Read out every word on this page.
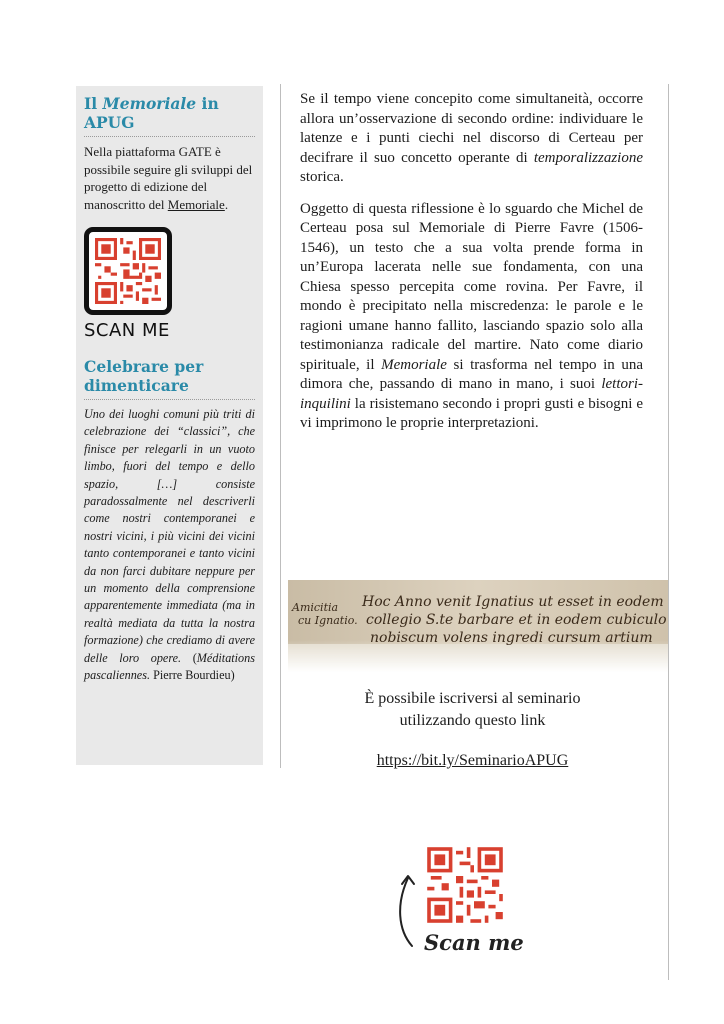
Il Memoriale in APUG

Nella piattaforma GATE è possibile seguire gli sviluppi del progetto di edizione del manoscritto del Memoriale.

SCAN ME
Celebrare per dimenticare

Uno dei luoghi comuni più triti di celebrazione dei “classici”, che finisce per relegarli in un vuoto limbo, fuori del tempo e dello spazio, […] consiste paradossalmente nel descriverli come nostri contemporanei e nostri vicini, i più vicini dei vicini tanto contemporanei e tanto vicini da non farci dubitare neppure per un momento della comprensione apparentemente immediata (ma in realtà mediata da tutta la nostra formazione) che crediamo di avere delle loro opere. (Méditations pascaliennes. Pierre Bourdieu)

Se il tempo viene concepito come simultaneità, occorre allora un’osservazione di secondo ordine: individuare le latenze e i punti ciechi nel discorso di Certeau per decifrare il suo concetto operante di temporalizzazione storica.

Oggetto di questa riflessione è lo sguardo che Michel de Certeau posa sul Memoriale di Pierre Favre (1506-1546), un testo che a sua volta prende forma in un’Europa lacerata nelle sue fondamenta, con una Chiesa spesso percepita come rovina. Per Favre, il mondo è precipitato nella miscredenza: le parole e le ragioni umane hanno fallito, lasciando spazio solo alla testimonianza radicale del martire. Nato come diario spirituale, il Memoriale si trasforma nel tempo in una dimora che, passando di mano in mano, i suoi lettori-inquilini la risistemano secondo i propri gusti e bisogni e vi imprimono le proprie interpretazioni.

Amicitia
cu Ignatio.
Hoc Anno venit Ignatius ut esset in eodem
collegio S.te barbare et in eodem cubiculo
nobiscum volens ingredi cursum artium
È possibile iscriversi al seminario
utilizzando questo link
https://bit.ly/SeminarioAPUG
Scan me
